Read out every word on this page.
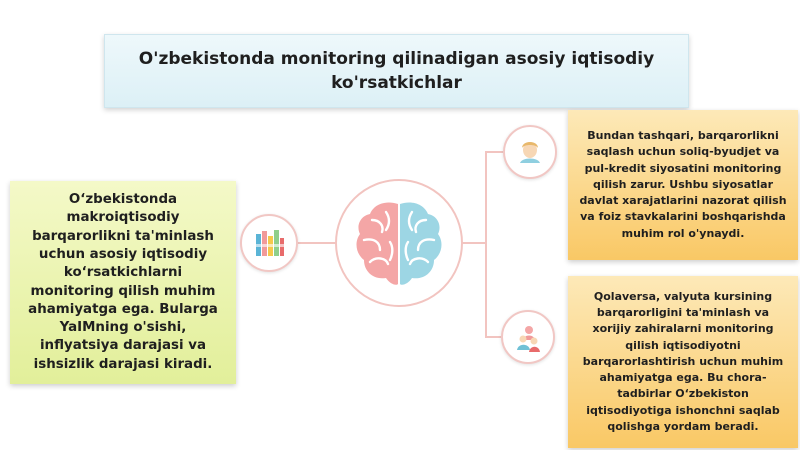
O'zbekistonda monitoring qilinadigan asosiy iqtisodiy ko'rsatkichlar
O‘zbekistonda makroiqtisodiy barqarorlikni ta'minlash uchun asosiy iqtisodiy ko‘rsatkichlarni monitoring qilish muhim ahamiyatga ega. Bularga YaIMning o'sishi, inflyatsiya darajasi va ishsizlik darajasi kiradi.
Bundan tashqari, barqarorlikni saqlash uchun soliq-byudjet va pul-kredit siyosatini monitoring qilish zarur. Ushbu siyosatlar davlat xarajatlarini nazorat qilish va foiz stavkalarini boshqarishda muhim rol o'ynaydi.
Qolaversa, valyuta kursining barqarorligini ta'minlash va xorijiy zahiralarni monitoring qilish iqtisodiyotni barqarorlashtirish uchun muhim ahamiyatga ega. Bu chora-tadbirlar O‘zbekiston iqtisodiyotiga ishonchni saqlab qolishga yordam beradi.
